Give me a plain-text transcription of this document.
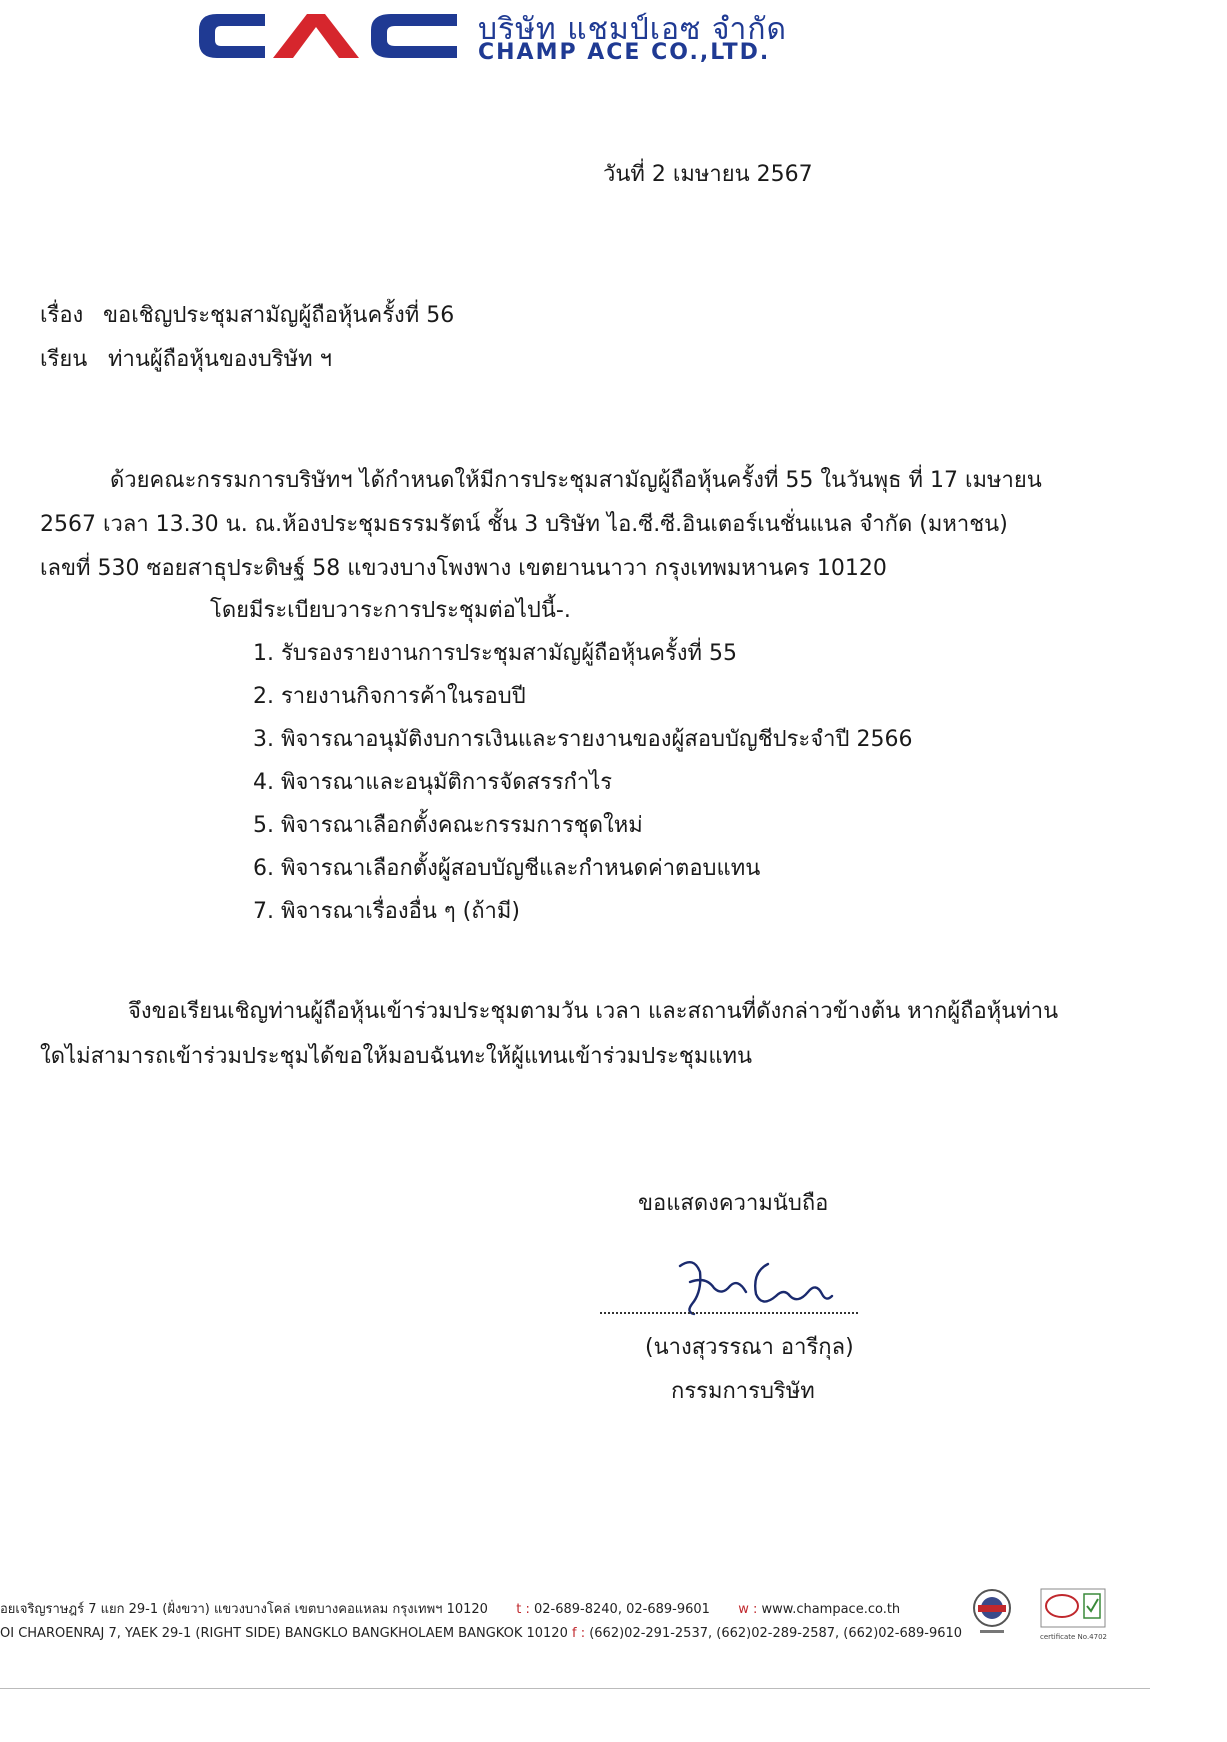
บริษัท แชมป์เอซ จำกัด
CHAMP ACE CO.,LTD.
วันที่ 2 เมษายน 2567
เรื่อง ขอเชิญประชุมสามัญผู้ถือหุ้นครั้งที่ 56
เรียน ท่านผู้ถือหุ้นของบริษัท ฯ
ด้วยคณะกรรมการบริษัทฯ ได้กำหนดให้มีการประชุมสามัญผู้ถือหุ้นครั้งที่ 55 ในวันพุธ ที่ 17 เมษายน
2567 เวลา 13.30 น. ณ.ห้องประชุมธรรมรัตน์ ชั้น 3 บริษัท ไอ.ซี.ซี.อินเตอร์เนชั่นแนล จำกัด (มหาชน)
เลขที่ 530 ซอยสาธุประดิษฐ์ 58 แขวงบางโพงพาง เขตยานนาวา กรุงเทพมหานคร 10120
โดยมีระเบียบวาระการประชุมต่อไปนี้-.
1. รับรองรายงานการประชุมสามัญผู้ถือหุ้นครั้งที่ 55
2. รายงานกิจการค้าในรอบปี
3. พิจารณาอนุมัติงบการเงินและรายงานของผู้สอบบัญชีประจำปี 2566
4. พิจารณาและอนุมัติการจัดสรรกำไร
5. พิจารณาเลือกตั้งคณะกรรมการชุดใหม่
6. พิจารณาเลือกตั้งผู้สอบบัญชีและกำหนดค่าตอบแทน
7. พิจารณาเรื่องอื่น ๆ (ถ้ามี)
จึงขอเรียนเชิญท่านผู้ถือหุ้นเข้าร่วมประชุมตามวัน เวลา และสถานที่ดังกล่าวข้างต้น หากผู้ถือหุ้นท่าน
ใดไม่สามารถเข้าร่วมประชุมได้ขอให้มอบฉันทะให้ผู้แทนเข้าร่วมประชุมแทน
ขอแสดงความนับถือ
(นางสุวรรณา อารีกุล)
กรรมการบริษัท
อยเจริญราษฎร์ 7 แยก 29-1 (ฝั่งขวา) แขวงบางโคล่ เขตบางคอแหลม กรุงเทพฯ 10120 t : 02-689-8240, 02-689-9601 w : www.champace.co.th
OI CHAROENRAJ 7, YAEK 29-1 (RIGHT SIDE) BANGKLO BANGKHOLAEM BANGKOK 10120 f : (662)02-291-2537, (662)02-289-2587, (662)02-689-9610	certificate No.4702
